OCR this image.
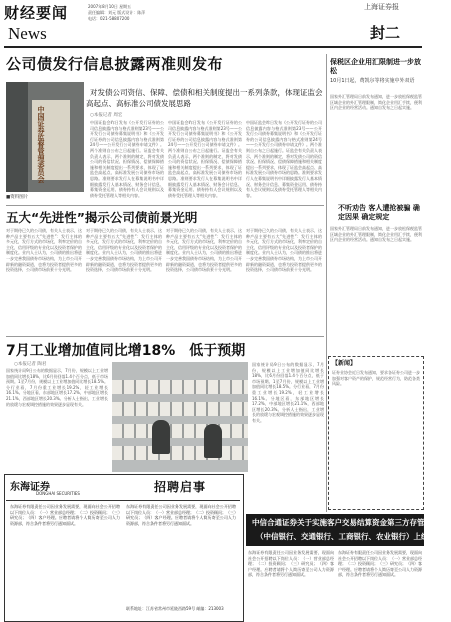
财经要闻
News
2007年8月10日 星期五
责任编辑：刘元 版式设计：陈萍
电话：021-58807200
上海证券报
封二
公司债发行信息披露两准则发布
中国证券监督管理委员会
■资料图片
对发债公司资信、保障、偿债和相关制度提出一系列条款，体现证监会
高起点、高标准公司债发展思路
○本报记者 周宏
中国证监会昨日发布《公开发行证券的公司信息披露内容与格式准则第23号——公开发行公司债券募集说明书》和《公开发行证券的公司信息披露内容与格式准则第24号——公开发行公司债券申请文件》。两个准则自公布之日起施行。证监会有关负责人表示，两个准则的制定，将对发债公司的资信状况、担保情况、偿债保障措施和相关制度提出一系列要求，体现了证监会高起点、高标准发展公司债券市场的思路。准则要求发行人在募集说明书中详细披露发行人基本情况、财务会计信息、募集资金运用、债券持有人会议规则以及债券受托管理人等相关内容。
中国证监会昨日发布《公开发行证券的公司信息披露内容与格式准则第23号——公开发行公司债券募集说明书》和《公开发行证券的公司信息披露内容与格式准则第24号——公开发行公司债券申请文件》。两个准则自公布之日起施行。证监会有关负责人表示，两个准则的制定，将对发债公司的资信状况、担保情况、偿债保障措施和相关制度提出一系列要求，体现了证监会高起点、高标准发展公司债券市场的思路。准则要求发行人在募集说明书中详细披露发行人基本情况、财务会计信息、募集资金运用、债券持有人会议规则以及债券受托管理人等相关内容。
中国证监会昨日发布《公开发行证券的公司信息披露内容与格式准则第23号——公开发行公司债券募集说明书》和《公开发行证券的公司信息披露内容与格式准则第24号——公开发行公司债券申请文件》。两个准则自公布之日起施行。证监会有关负责人表示，两个准则的制定，将对发债公司的资信状况、担保情况、偿债保障措施和相关制度提出一系列要求，体现了证监会高起点、高标准发展公司债券市场的思路。准则要求发行人在募集说明书中详细披露发行人基本情况、财务会计信息、募集资金运用、债券持有人会议规则以及债券受托管理人等相关内容。
保税区企业用汇限制进一步放松
10月1日起，费凯尔等将实施中外双语
国家外汇管理局日前发布通知，进一步放松保税监管区域企业的外汇管理限制，简化企业用汇手续，便利区内企业的经营活动。通知自发布之日起实施。
不听劝告 客人遭抢被骗 确定因果 确定规定
国家外汇管理局日前发布通知，进一步放松保税监管区域企业的外汇管理限制，简化企业用汇手续，便利区内企业的经营活动。通知自发布之日起实施。
【新闻】
证券业协会近日发布通知，要求各证券公司进一步加强对客户资产的保护，规范经营行为，防范各类风险。
五大“先进性”揭示公司债前景光明
对于期待已久的公司债，有关人士表示，这种产品主要有五大“先进性”：发行主体的多元化，发行方式的市场化，利率定价的自主化，信用评级的专业化以及投资者保护的制度化。业内人士认为，公司债的推出将进一步完善我国债券市场结构，为上市公司开辟新的融资渠道，也将为投资者提供更多的投资选择，公司债市场前景十分光明。
对于期待已久的公司债，有关人士表示，这种产品主要有五大“先进性”：发行主体的多元化，发行方式的市场化，利率定价的自主化，信用评级的专业化以及投资者保护的制度化。业内人士认为，公司债的推出将进一步完善我国债券市场结构，为上市公司开辟新的融资渠道，也将为投资者提供更多的投资选择，公司债市场前景十分光明。
对于期待已久的公司债，有关人士表示，这种产品主要有五大“先进性”：发行主体的多元化，发行方式的市场化，利率定价的自主化，信用评级的专业化以及投资者保护的制度化。业内人士认为，公司债的推出将进一步完善我国债券市场结构，为上市公司开辟新的融资渠道，也将为投资者提供更多的投资选择，公司债市场前景十分光明。
对于期待已久的公司债，有关人士表示，这种产品主要有五大“先进性”：发行主体的多元化，发行方式的市场化，利率定价的自主化，信用评级的专业化以及投资者保护的制度化。业内人士认为，公司债的推出将进一步完善我国债券市场结构，为上市公司开辟新的融资渠道，也将为投资者提供更多的投资选择，公司债市场前景十分光明。
7月工业增加值同比增18%　低于预期
○本报记者 陶君
国家统计局9日公布的数据显示，7月份，规模以上工业增加值同比增长18%，比6月份回落1.4个百分点，低于市场预期。1至7月份，规模以上工业增加值同比增长18.5%。分行业看，7月份重工业增长19.2%，轻工业增长16.1%。分地区看，东部地区增长17.2%，中部地区增长21.1%，西部地区增长20.3%。分析人士指出，工业增长的放缓与宏观调控措施的效果逐步显现有关。
国家统计局9日公布的数据显示，7月份，规模以上工业增加值同比增长18%，比6月份回落1.4个百分点，低于市场预期。1至7月份，规模以上工业增加值同比增长18.5%。分行业看，7月份重工业增长19.2%，轻工业增长16.1%。分地区看，东部地区增长17.2%，中部地区增长21.1%，西部地区增长20.3%。分析人士指出，工业增长的放缓与宏观调控措施的效果逐步显现有关。
东海证券
DONGHAI SECURITIES	招聘启事
东海证券有限责任公司因业务发展需要，现面向社会公开招聘以下岗位人员：（一）营业部总经理；（二）投资顾问；（三）研究员；（四）客户经理。应聘者请将个人简历寄至公司人力资源部，符合条件者将另行通知面试。
东海证券有限责任公司因业务发展需要，现面向社会公开招聘以下岗位人员：（一）营业部总经理；（二）投资顾问；（三）研究员；（四）客户经理。应聘者请将个人简历寄至公司人力资源部，符合条件者将另行通知面试。
联系地址：江苏省常州市延陵西路59号 邮编：213003
中信合通证券关于实施客户交易结算资金第三方存管
（中信银行、交通银行、工商银行、农业银行）上线的公告
东海证券有限责任公司因业务发展需要，现面向社会公开招聘以下岗位人员：（一）营业部总经理；（二）投资顾问；（三）研究员；（四）客户经理。应聘者请将个人简历寄至公司人力资源部，符合条件者将另行通知面试。
东海证券有限责任公司因业务发展需要，现面向社会公开招聘以下岗位人员：（一）营业部总经理；（二）投资顾问；（三）研究员；（四）客户经理。应聘者请将个人简历寄至公司人力资源部，符合条件者将另行通知面试。
